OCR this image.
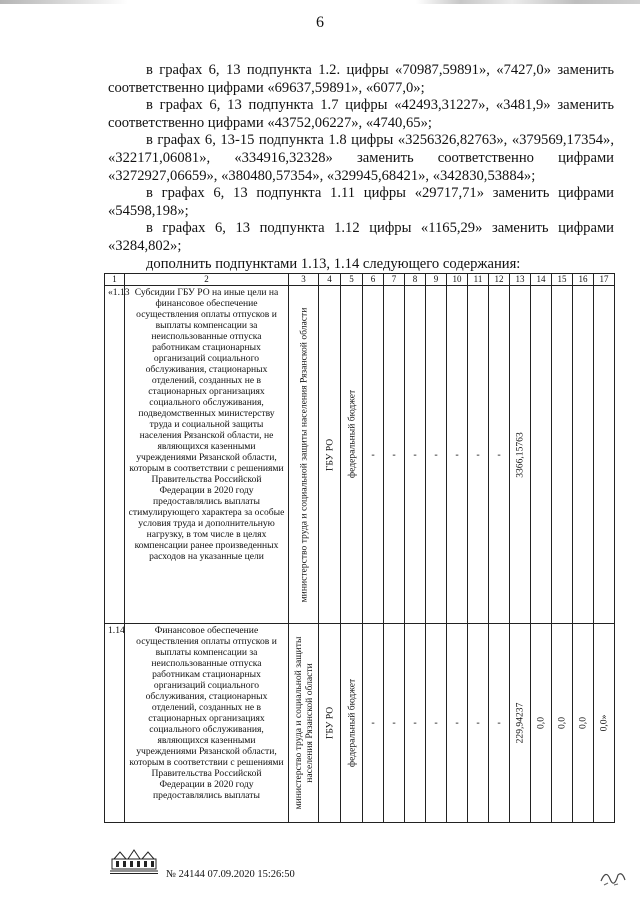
6

в графах 6, 13 подпункта 1.2. цифры «70987,59891», «7427,0» заменить соответственно цифрами «69637,59891», «6077,0»;

в графах 6, 13 подпункта 1.7 цифры «42493,31227», «3481,9» заменить соответственно цифрами «43752,06227», «4740,65»;

в графах 6, 13-15 подпункта 1.8 цифры «3256326,82763», «379569,17354», «322171,06081», «334916,32328» заменить соответственно цифрами «3272927,06659», «380480,57354», «329945,68421», «342830,53884»;

в графах 6, 13 подпункта 1.11 цифры «29717,71» заменить цифрами «54598,198»;

в графах 6, 13 подпункта 1.12 цифры «1165,29» заменить цифрами «3284,802»;

дополнить подпунктами 1.13, 1.14 следующего содержания:

1	2	3	4	5	6	7	8	9	10	11	12	13	14	15	16	17
«1.13	Субсидии ГБУ РО на иные цели на финансовое обеспечение осуществления оплаты отпусков и выплаты компенсации за неиспользованные отпуска работникам стационарных организаций социального обслуживания, стационарных отделений, созданных не в стационарных организациях социального обслуживания, подведомственных министерству труда и социальной защиты населения Рязанской области, не являющихся казенными учреждениями Рязанской области, которым в соответствии с решениями Правительства Российской Федерации в 2020 году предоставлялись выплаты стимулирующего характера за особые условия труда и дополнительную нагрузку, в том числе в целях компенсации ранее произведенных расходов на указанные цели	министерство труда и социальной защиты населения Рязанской области	ГБУ РО	федеральный бюджет	-	-	-	-	-	-	-	3366,15763				

1.14	Финансовое обеспечение осуществления оплаты отпусков и выплаты компенсации за неиспользованные отпуска работникам стационарных организаций социального обслуживания, стационарных отделений, созданных не в стационарных организациях социального обслуживания, являющихся казенными учреждениями Рязанской области, которым в соответствии с решениями Правительства Российской Федерации в 2020 году предоставлялись выплаты	министерство труда и социальной защиты населения Рязанской области	ГБУ РО	федеральный бюджет	-	-	-	-	-	-	-	229,94237	0,0	0,0	0,0	0,0»
№ 24144 07.09.2020 15:26:50
